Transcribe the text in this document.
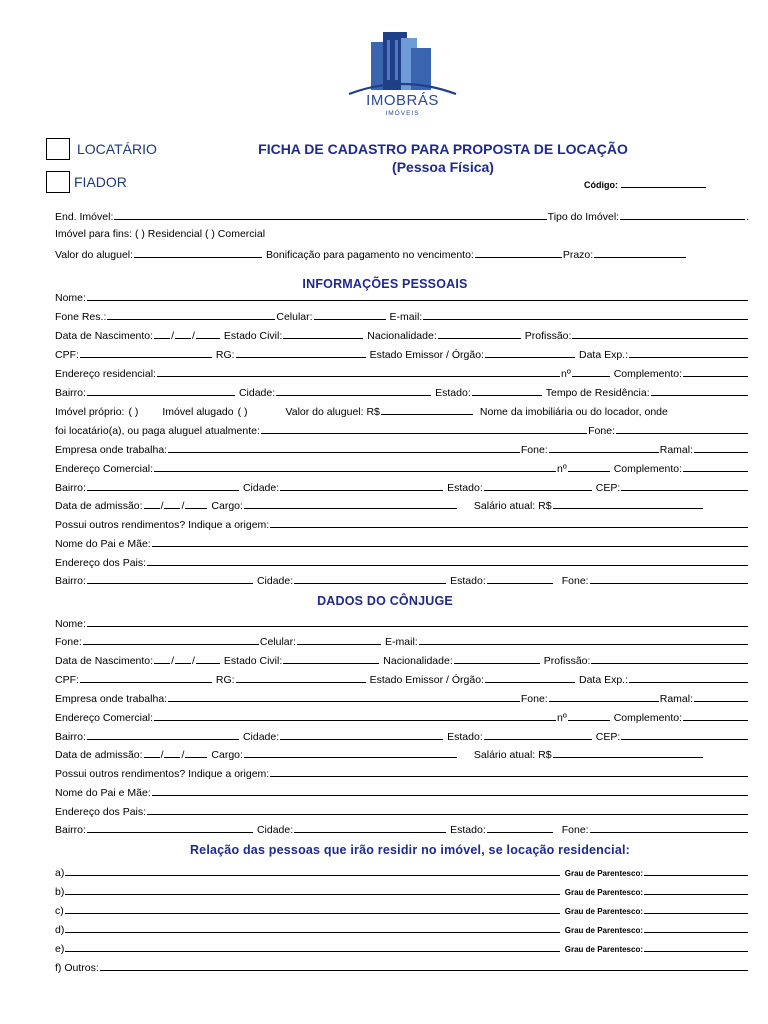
IMOBRÁS
IMÓVEIS
LOCATÁRIO
FIADOR
FICHA DE CADASTRO PARA PROPOSTA DE LOCAÇÃO
(Pessoa Física)
Código:
End. Imóvel:	Tipo do Imóvel:	.
Imóvel para fins: ( ) Residencial ( ) Comercial
Valor do aluguel:	Bonificação para pagamento no vencimento:	Prazo:
INFORMAÇÕES PESSOAIS
Nome:
Fone Res.:	Celular:	E-mail:
Data de Nascimento: / /	Estado Civil:	Nacionalidade:	Profissão:
CPF:	RG:	Estado Emissor / Órgão:	Data Exp.:
Endereço residencial:	nº	Complemento:
Bairro:	Cidade:	Estado:	Tempo de Residência:
Imóvel próprio: ( ) Imóvel alugado ( )	Valor do aluguel: R$	Nome da imobiliária ou do locador, onde
foi locatário(a), ou paga aluguel atualmente:	Fone:
Empresa onde trabalha:	Fone:	Ramal:
Endereço Comercial:	nº	Complemento:
Bairro:	Cidade:	Estado:	CEP:
Data de admissão: / /	Cargo:	Salário atual: R$
Possui outros rendimentos? Indique a origem:
Nome do Pai e Mãe:
Endereço dos Pais:
Bairro:	Cidade:	Estado:	Fone:
DADOS DO CÔNJUGE
Nome:
Fone:	Celular:	E-mail:
Data de Nascimento: / /	Estado Civil:	Nacionalidade:	Profissão:
CPF:	RG:	Estado Emissor / Órgão:	Data Exp.:
Empresa onde trabalha:	Fone:	Ramal:
Endereço Comercial:	nº	Complemento:
Bairro:	Cidade:	Estado:	CEP:
Data de admissão: / /	Cargo:	Salário atual: R$
Possui outros rendimentos? Indique a origem:
Nome do Pai e Mãe:
Endereço dos Pais:
Bairro:	Cidade:	Estado:	Fone:
Relação das pessoas que irão residir no imóvel, se locação residencial:
a)	Grau de Parentesco:
b)	Grau de Parentesco:
c)	Grau de Parentesco:
d)	Grau de Parentesco:
e)	Grau de Parentesco:
f) Outros:
